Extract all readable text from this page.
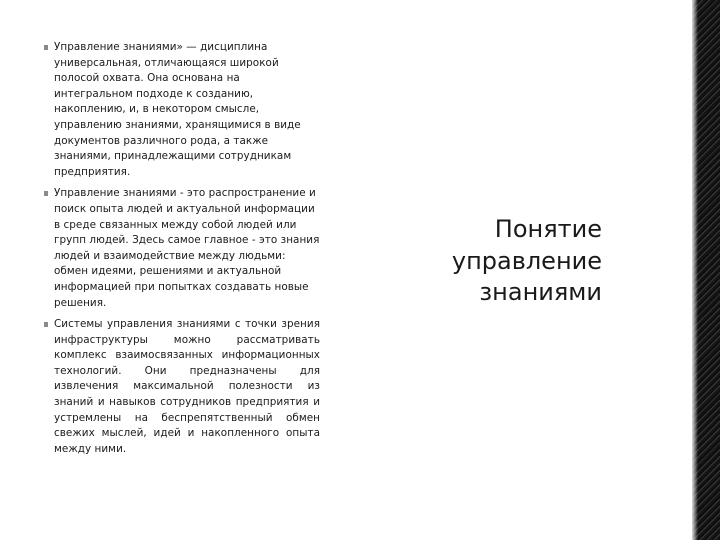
Управление знаниями» — дисциплина универсальная, отличающаяся широкой полосой охвата. Она основана на интегральном подходе к созданию, накоплению, и, в некотором смысле, управлению знаниями, хранящимися в виде документов различного рода, а также знаниями, принадлежащими сотрудникам предприятия.
Управление знаниями - это распространение и поиск опыта людей и актуальной информации в среде связанных между собой людей или групп людей. Здесь самое главное - это знания людей и взаимодействие между людьми: обмен идеями, решениями и актуальной информацией при попытках создавать новые решения.
Системы управления знаниями с точки зрения инфраструктуры можно рассматривать комплекс взаимосвязанных информационных технологий. Они предназначены для извлечения максимальной полезности из знаний и навыков сотрудников предприятия и устремлены на беспрепятственный обмен свежих мыслей, идей и накопленного опыта между ними.
Понятие
управление
знаниями
